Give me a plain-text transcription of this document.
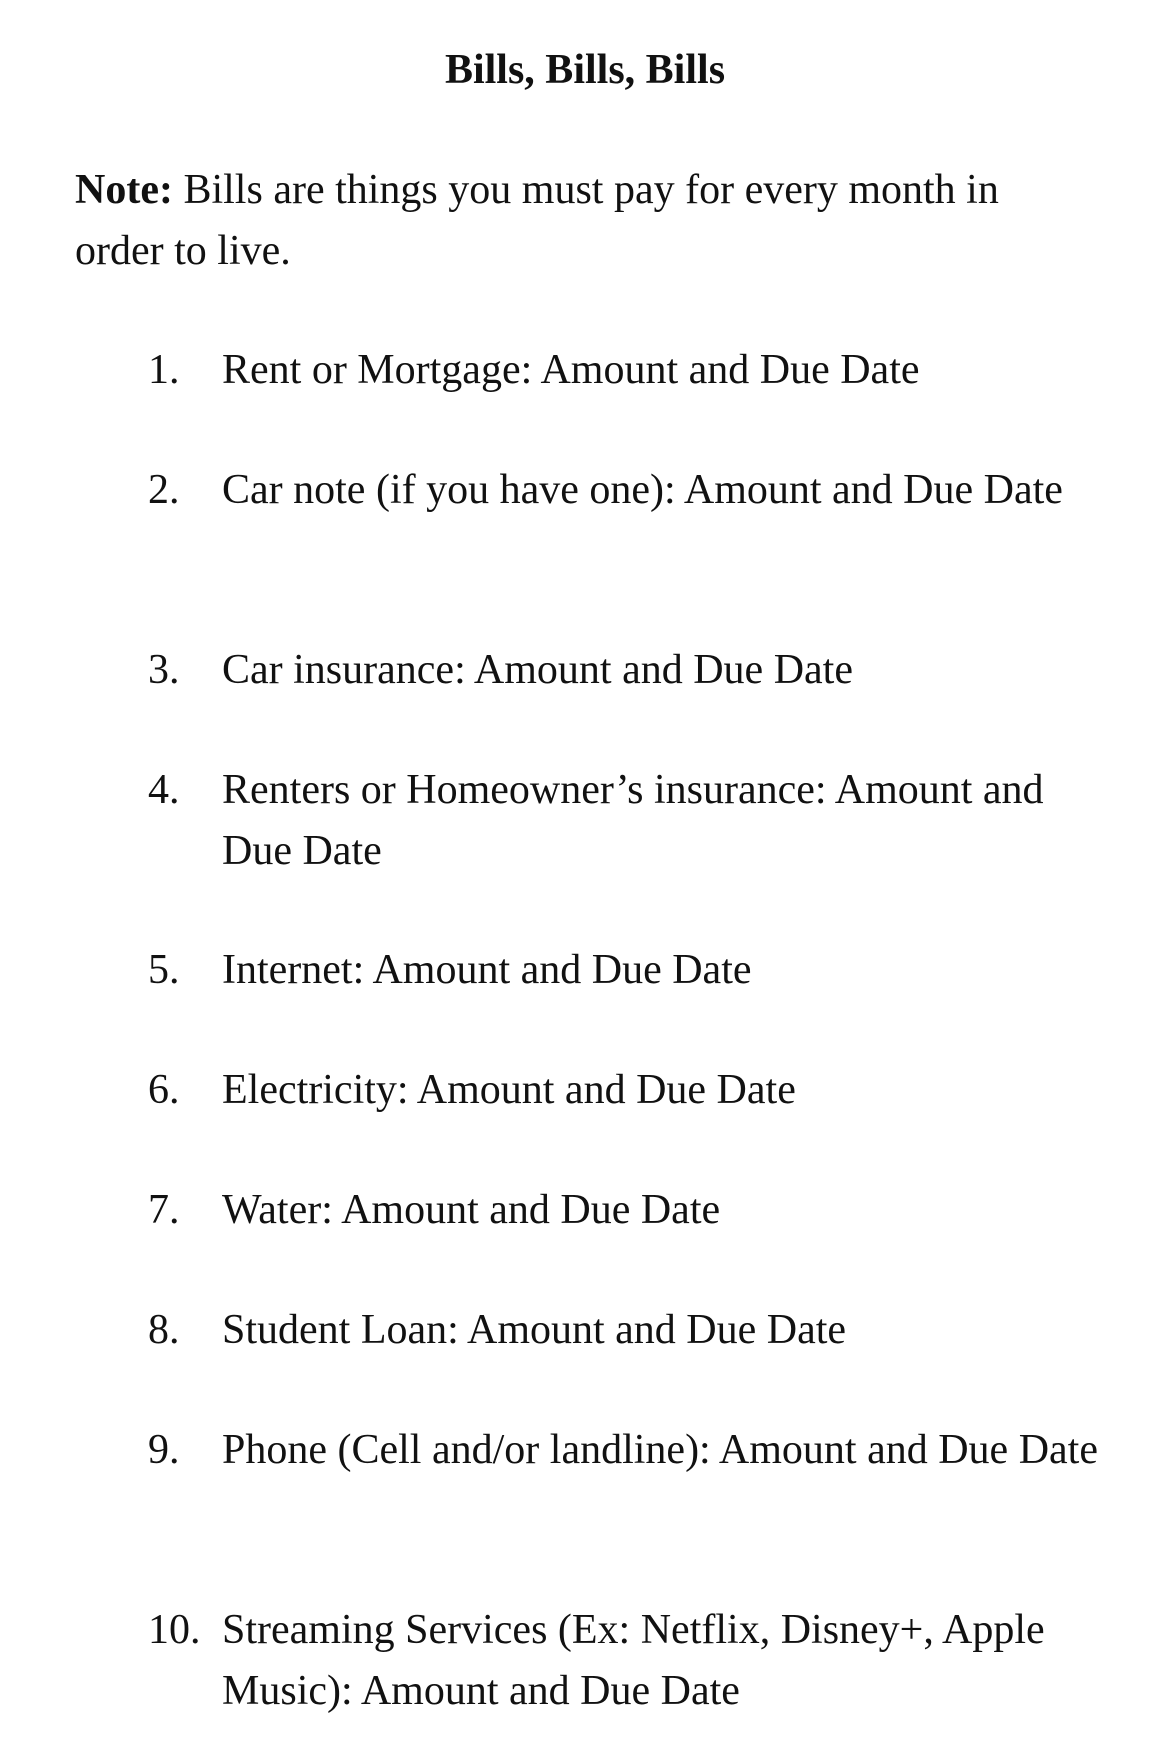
Bills, Bills, Bills

Note: Bills are things you must pay for every month in order to live.

1.	Rent or Mortgage: Amount and Due Date
2.	Car note (if you have one): Amount and Due Date
3.	Car insurance: Amount and Due Date
4.	Renters or Homeowner’s insurance: Amount and Due Date
5.	Internet: Amount and Due Date
6.	Electricity: Amount and Due Date
7.	Water: Amount and Due Date
8.	Student Loan: Amount and Due Date
9.	Phone (Cell and/or landline): Amount and Due Date
10. Streaming Services (Ex: Netflix, Disney+, Apple Music): Amount and Due Date
